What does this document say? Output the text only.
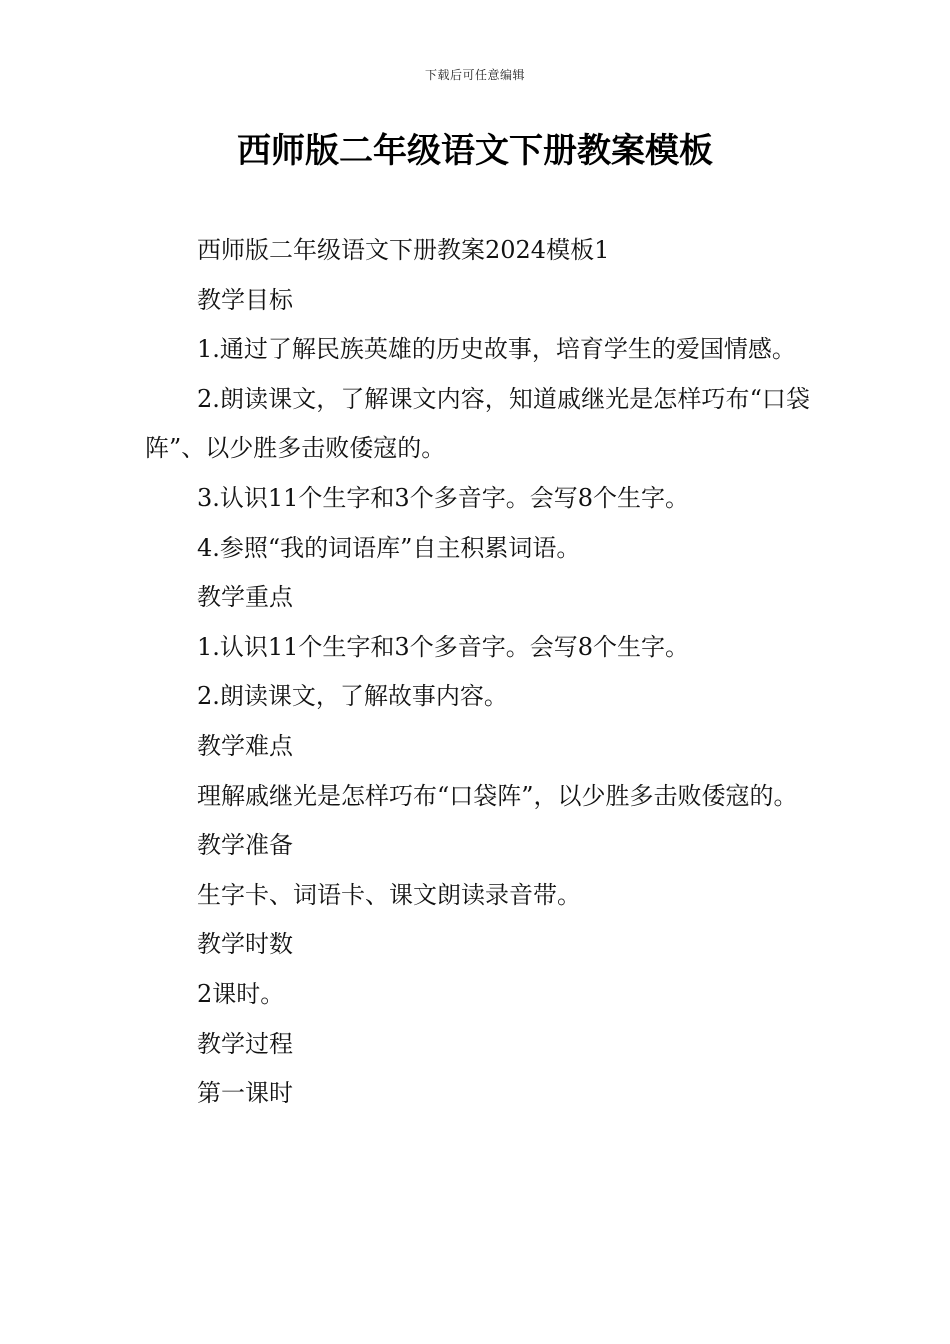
下载后可任意编辑
西师版二年级语文下册教案模板

西师版二年级语文下册教案2024模板1

教学目标

1.通过了解民族英雄的历史故事，培育学生的爱国情感。

2.朗读课文，了解课文内容，知道戚继光是怎样巧布“口袋阵”、以少胜多击败倭寇的。

3.认识11个生字和3个多音字。会写8个生字。

4.参照“我的词语库”自主积累词语。

教学重点

1.认识11个生字和3个多音字。会写8个生字。

2.朗读课文，了解故事内容。

教学难点

理解戚继光是怎样巧布“口袋阵”，以少胜多击败倭寇的。

教学准备

生字卡、词语卡、课文朗读录音带。

教学时数

2课时。

教学过程

第一课时
